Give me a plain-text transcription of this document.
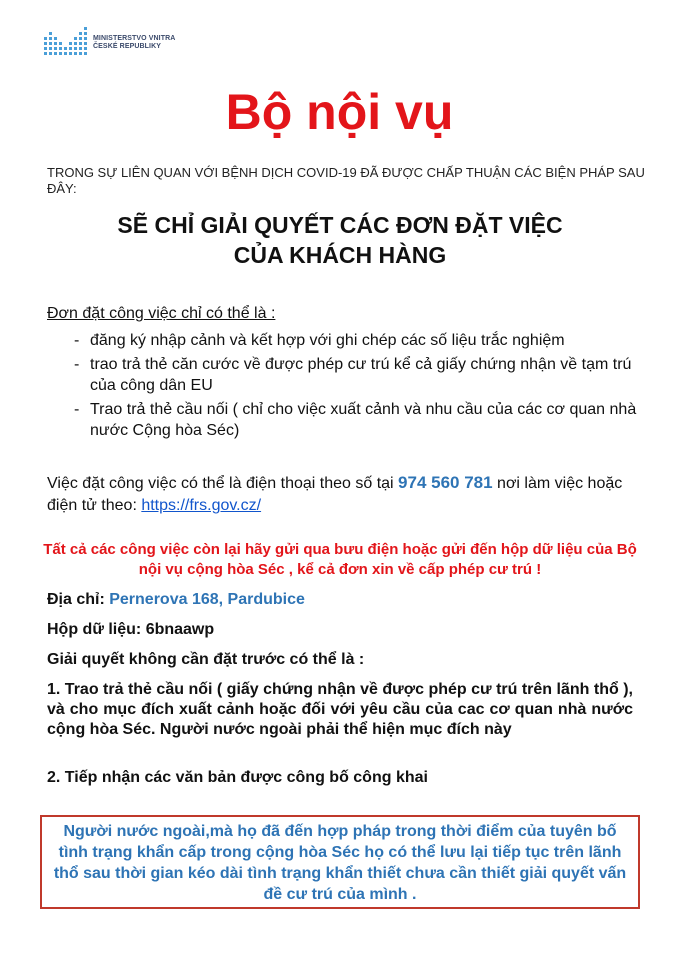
MINISTERSTVO VNITRA
ČESKÉ REPUBLIKY
Bộ nội vụ
TRONG SỰ LIÊN QUAN VỚI BỆNH DỊCH COVID-19 ĐÃ ĐƯỢC CHẤP THUẬN CÁC BIỆN PHÁP SAU ĐÂY:
SẼ CHỈ GIẢI QUYẾT CÁC ĐƠN ĐẶT VIỆC
CỦA KHÁCH HÀNG
Đơn đặt công việc chỉ có thể là :
- đăng ký nhập cảnh và kết hợp với ghi chép các số liệu trắc nghiệm
- trao trả thẻ căn cước về được phép cư trú kể cả giấy chứng nhận về tạm trú của công dân EU
- Trao trả thẻ cầu nối ( chỉ cho việc xuất cảnh và nhu cầu của các cơ quan nhà nước Cộng hòa Séc)
Việc đặt công việc có thể là điện thoại theo số tại 974 560 781 nơi làm việc hoặc điện tử theo: https://frs.gov.cz/
Tất cả các công việc còn lại hãy gửi qua bưu điện hoặc gửi đến hộp dữ liệu của Bộ nội vụ cộng hòa Séc , kể cả đơn xin về cấp phép cư trú !
Địa chỉ: Pernerova 168, Pardubice
Hộp dữ liệu: 6bnaawp
Giải quyết không cần đặt trước có thể là :
1. Trao trả thẻ cầu nối ( giấy chứng nhận về được phép cư trú trên lãnh thổ ), và cho mục đích xuất cảnh hoặc đối với yêu cầu của cac cơ quan nhà nước cộng hòa Séc. Người nước ngoài phải thể hiện mục đích này
2. Tiếp nhận các văn bản được công bố công khai
Người nước ngoài,mà họ đã đến hợp pháp trong thời điểm của tuyên bố tình trạng khẩn cấp trong cộng hòa Séc họ có thể lưu lại tiếp tục trên lãnh thổ sau thời gian kéo dài tình trạng khẩn thiết chưa cần thiết giải quyết vấn đề cư trú của mình .
